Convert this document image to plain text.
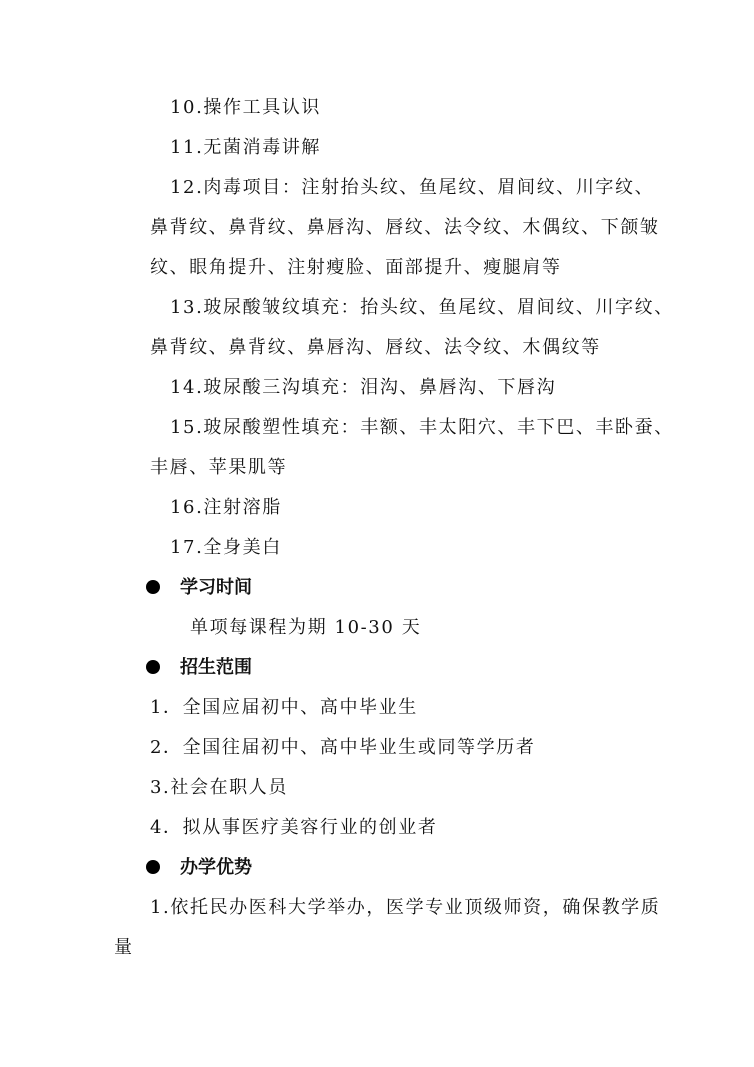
10.操作工具认识
11.无菌消毒讲解
12.肉毒项目：注射抬头纹、鱼尾纹、眉间纹、川字纹、
鼻背纹、鼻背纹、鼻唇沟、唇纹、法令纹、木偶纹、下颌皱
纹、眼角提升、注射瘦脸、面部提升、瘦腿肩等
13.玻尿酸皱纹填充：抬头纹、鱼尾纹、眉间纹、川字纹、
鼻背纹、鼻背纹、鼻唇沟、唇纹、法令纹、木偶纹等
14.玻尿酸三沟填充：泪沟、鼻唇沟、下唇沟
15.玻尿酸塑性填充：丰额、丰太阳穴、丰下巴、丰卧蚕、
丰唇、苹果肌等
16.注射溶脂
17.全身美白
学习时间
单项每课程为期 10-30 天
招生范围
1．全国应届初中、高中毕业生
2．全国往届初中、高中毕业生或同等学历者
3.社会在职人员
4．拟从事医疗美容行业的创业者
办学优势
1.依托民办医科大学举办，医学专业顶级师资，确保教学质
量
